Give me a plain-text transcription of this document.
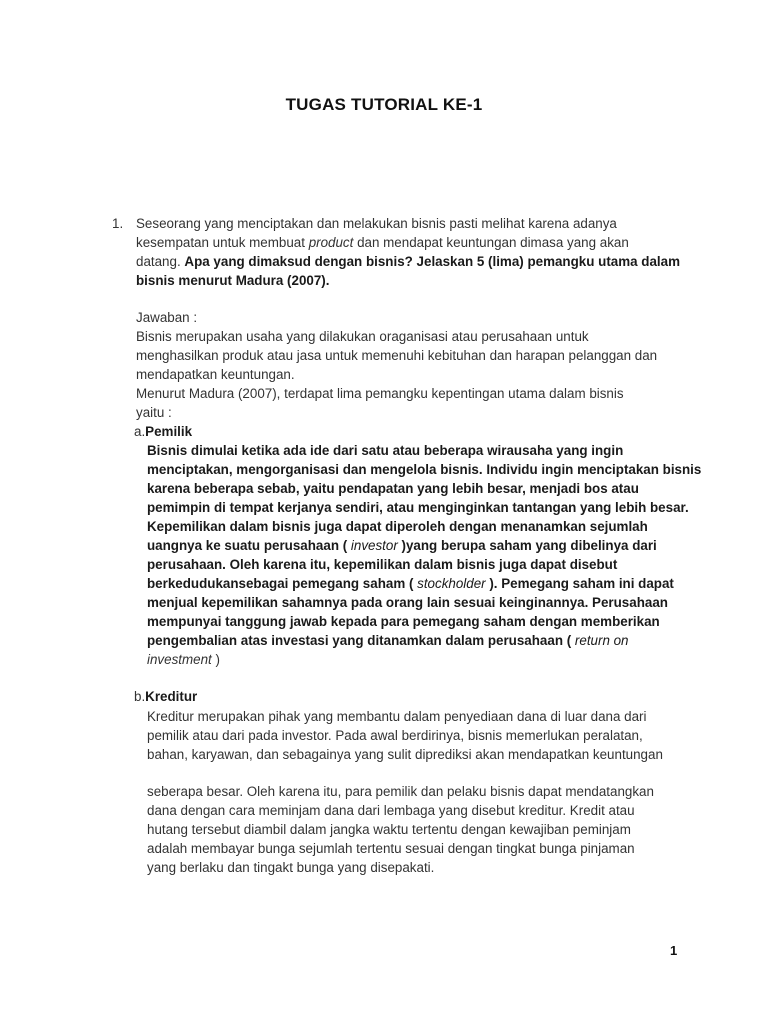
TUGAS TUTORIAL KE-1
1. Seseorang yang menciptakan dan melakukan bisnis pasti melihat karena adanya
kesempatan untuk membuat product dan mendapat keuntungan dimasa yang akan
datang. Apa yang dimaksud dengan bisnis? Jelaskan 5 (lima) pemangku utama dalam
bisnis menurut Madura (2007).
Jawaban :
Bisnis merupakan usaha yang dilakukan oraganisasi atau perusahaan untuk
menghasilkan produk atau jasa untuk memenuhi kebituhan dan harapan pelanggan dan
mendapatkan keuntungan.
Menurut Madura (2007), terdapat lima pemangku kepentingan utama dalam bisnis
yaitu :
a.Pemilik
Bisnis dimulai ketika ada ide dari satu atau beberapa wirausaha yang ingin
menciptakan, mengorganisasi dan mengelola bisnis. Individu ingin menciptakan bisnis
karena beberapa sebab, yaitu pendapatan yang lebih besar, menjadi bos atau
pemimpin di tempat kerjanya sendiri, atau menginginkan tantangan yang lebih besar.
Kepemilikan dalam bisnis juga dapat diperoleh dengan menanamkan sejumlah
uangnya ke suatu perusahaan ( investor )yang berupa saham yang dibelinya dari
perusahaan. Oleh karena itu, kepemilikan dalam bisnis juga dapat disebut
berkedudukansebagai pemegang saham ( stockholder ). Pemegang saham ini dapat
menjual kepemilikan sahamnya pada orang lain sesuai keinginannya. Perusahaan
mempunyai tanggung jawab kepada para pemegang saham dengan memberikan
pengembalian atas investasi yang ditanamkan dalam perusahaan ( return on
investment )
b.Kreditur
Kreditur merupakan pihak yang membantu dalam penyediaan dana di luar dana dari
pemilik atau dari pada investor. Pada awal berdirinya, bisnis memerlukan peralatan,
bahan, karyawan, dan sebagainya yang sulit diprediksi akan mendapatkan keuntungan
seberapa besar. Oleh karena itu, para pemilik dan pelaku bisnis dapat mendatangkan
dana dengan cara meminjam dana dari lembaga yang disebut kreditur. Kredit atau
hutang tersebut diambil dalam jangka waktu tertentu dengan kewajiban peminjam
adalah membayar bunga sejumlah tertentu sesuai dengan tingkat bunga pinjaman
yang berlaku dan tingakt bunga yang disepakati.
1
